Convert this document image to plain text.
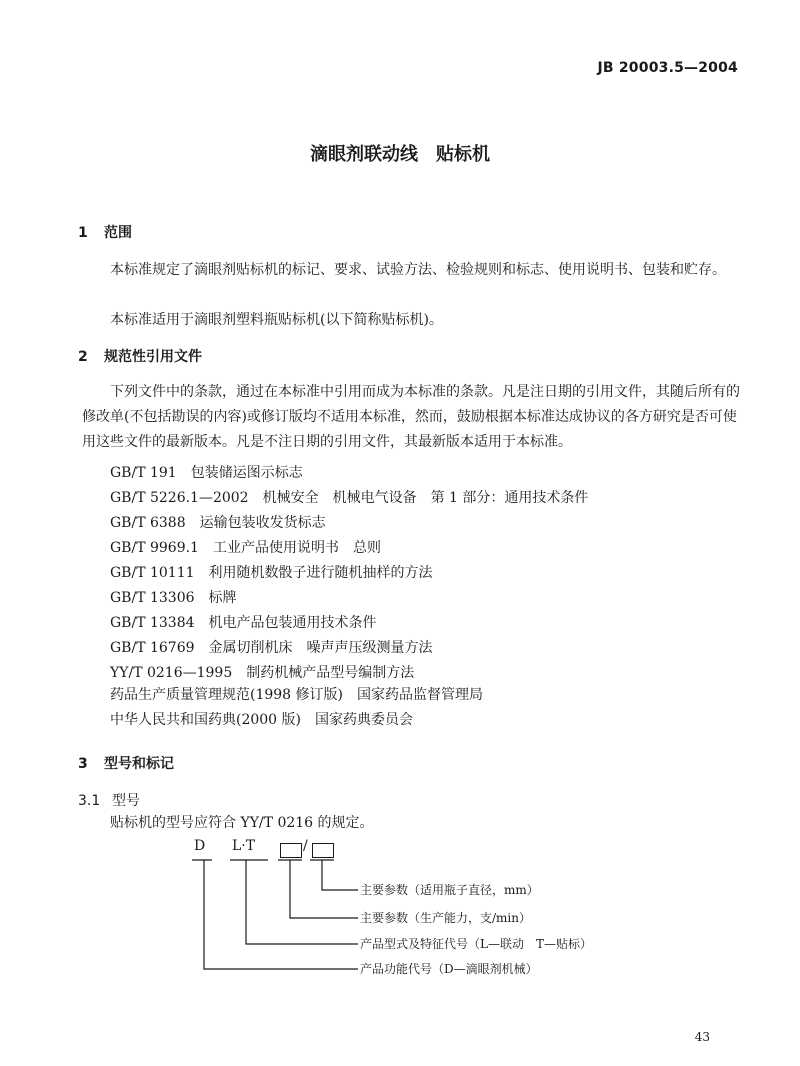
JB 20003.5—2004
滴眼剂联动线　贴标机
1 范围
本标准规定了滴眼剂贴标机的标记、要求、试验方法、检验规则和标志、使用说明书、包装和贮存。
本标准适用于滴眼剂塑料瓶贴标机(以下简称贴标机)。
2 规范性引用文件
下列文件中的条款，通过在本标准中引用而成为本标准的条款。凡是注日期的引用文件，其随后所有的修改单(不包括勘误的内容)或修订版均不适用本标准，然而，鼓励根据本标准达成协议的各方研究是否可使用这些文件的最新版本。凡是不注日期的引用文件，其最新版本适用于本标准。
GB/T 191 包装储运图示标志
GB/T 5226.1—2002 机械安全　机械电气设备　第 1 部分：通用技术条件
GB/T 6388 运输包装收发货标志
GB/T 9969.1 工业产品使用说明书　总则
GB/T 10111 利用随机数骰子进行随机抽样的方法
GB/T 13306 标牌
GB/T 13384 机电产品包装通用技术条件
GB/T 16769 金属切削机床　噪声声压级测量方法
YY/T 0216—1995 制药机械产品型号编制方法
药品生产质量管理规范(1998 修订版)　国家药品监督管理局
中华人民共和国药典(2000 版)　国家药典委员会
3 型号和标记
3.1 型号
贴标机的型号应符合 YY/T 0216 的规定。
D L·T	/
主要参数（适用瓶子直径，mm）
主要参数（生产能力，支/min）
产品型式及特征代号（L—联动　T—贴标）
产品功能代号（D—滴眼剂机械）
43
